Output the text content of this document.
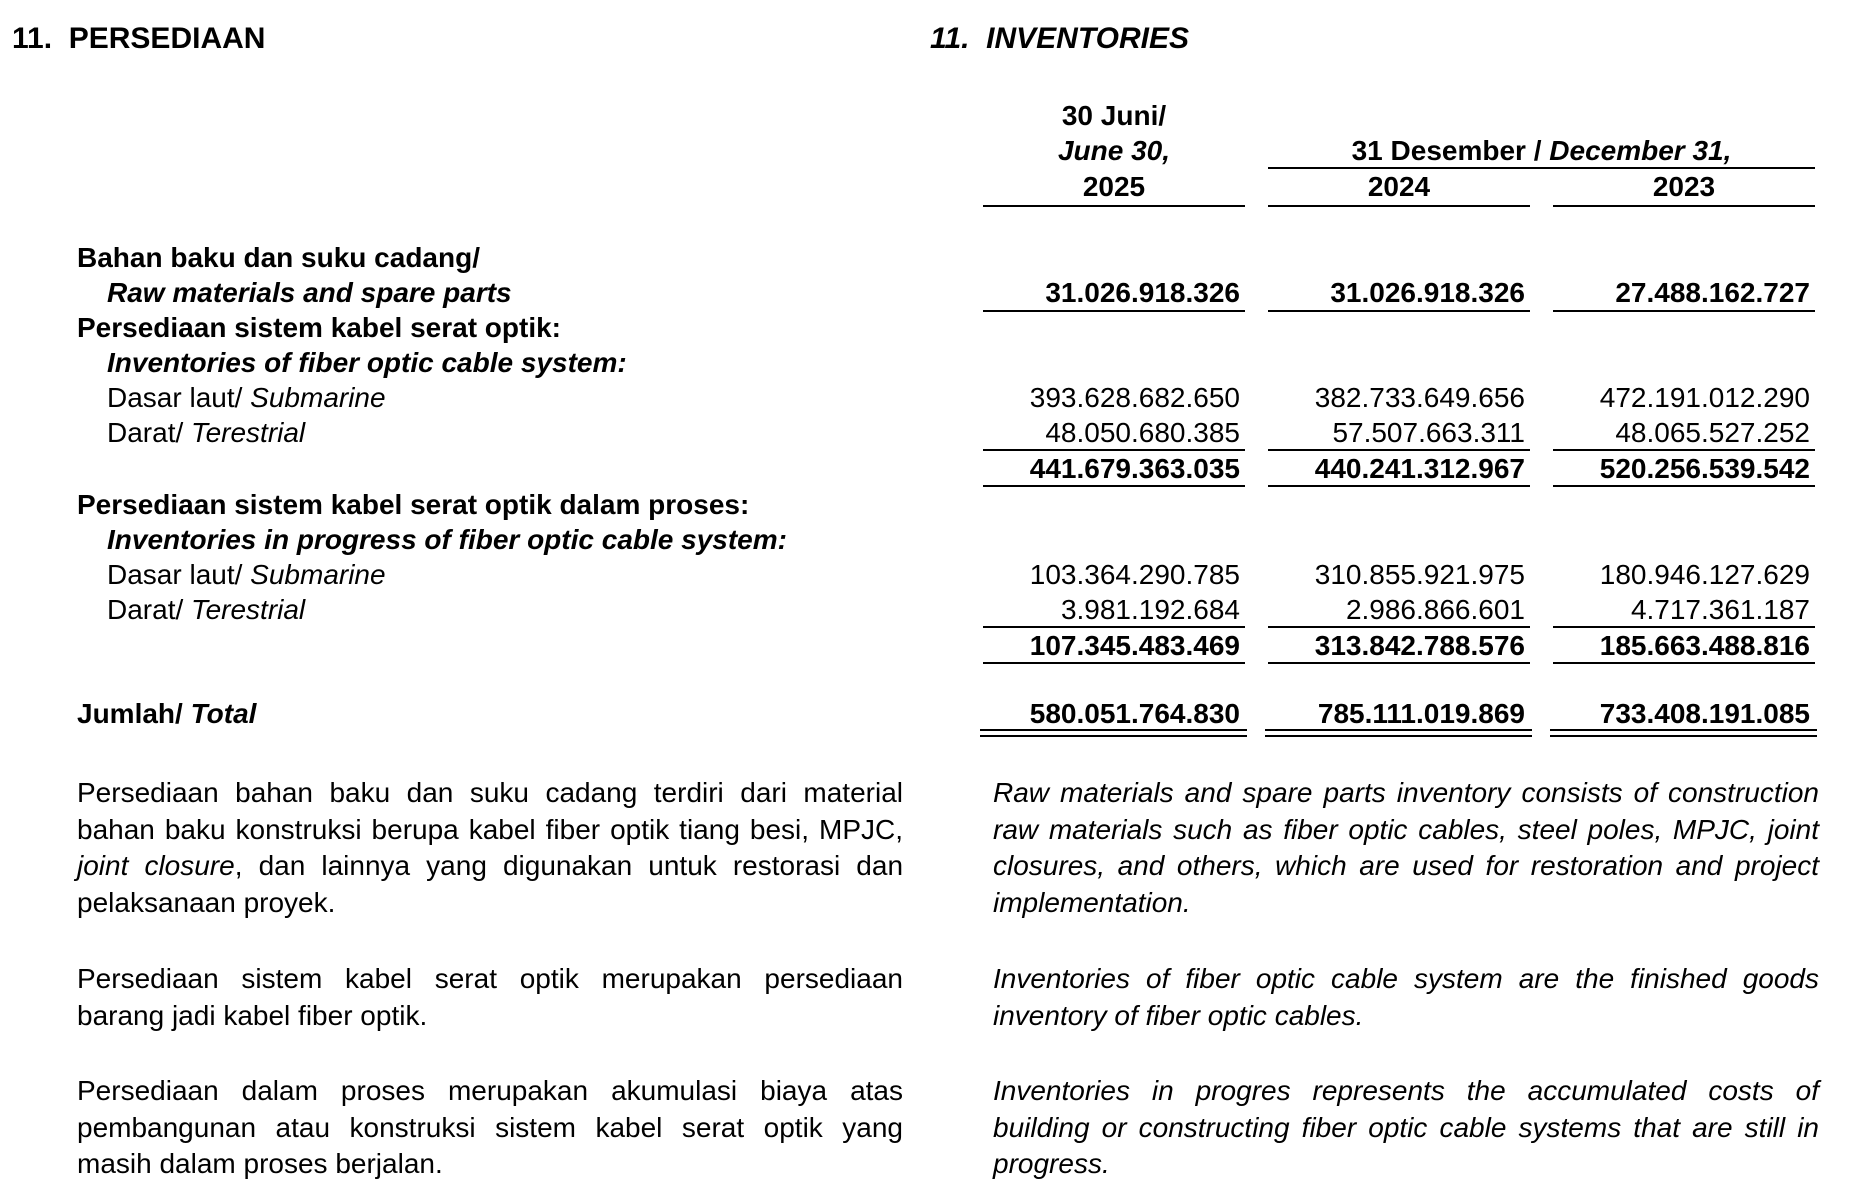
11. PERSEDIAAN	11. INVENTORIES
30 Juni/
June 30,
2025
31 Desember / December 31,
2024	2023
Bahan baku dan suku cadang/
Raw materials and spare parts	31.026.918.326	31.026.918.326	27.488.162.727
Persediaan sistem kabel serat optik:
Inventories of fiber optic cable system:
Dasar laut/ Submarine	393.628.682.650	382.733.649.656	472.191.012.290
Darat/ Terestrial	48.050.680.385	57.507.663.311	48.065.527.252
441.679.363.035	440.241.312.967	520.256.539.542
Persediaan sistem kabel serat optik dalam proses:
Inventories in progress of fiber optic cable system:
Dasar laut/ Submarine	103.364.290.785	310.855.921.975	180.946.127.629
Darat/ Terestrial	3.981.192.684	2.986.866.601	4.717.361.187
107.345.483.469	313.842.788.576	185.663.488.816
Jumlah/ Total	580.051.764.830	785.111.019.869	733.408.191.085
Persediaan bahan baku dan suku cadang terdiri dari material bahan baku konstruksi berupa kabel fiber optik tiang besi, MPJC, joint closure, dan lainnya yang digunakan untuk restorasi dan pelaksanaan proyek.
Raw materials and spare parts inventory consists of construction raw materials such as fiber optic cables, steel poles, MPJC, joint closures, and others, which are used for restoration and project implementation.
Persediaan sistem kabel serat optik merupakan persediaan barang jadi kabel fiber optik.
Inventories of fiber optic cable system are the finished goods inventory of fiber optic cables.
Persediaan dalam proses merupakan akumulasi biaya atas pembangunan atau konstruksi sistem kabel serat optik yang masih dalam proses berjalan.
Inventories in progres represents the accumulated costs of building or constructing fiber optic cable systems that are still in progress.
